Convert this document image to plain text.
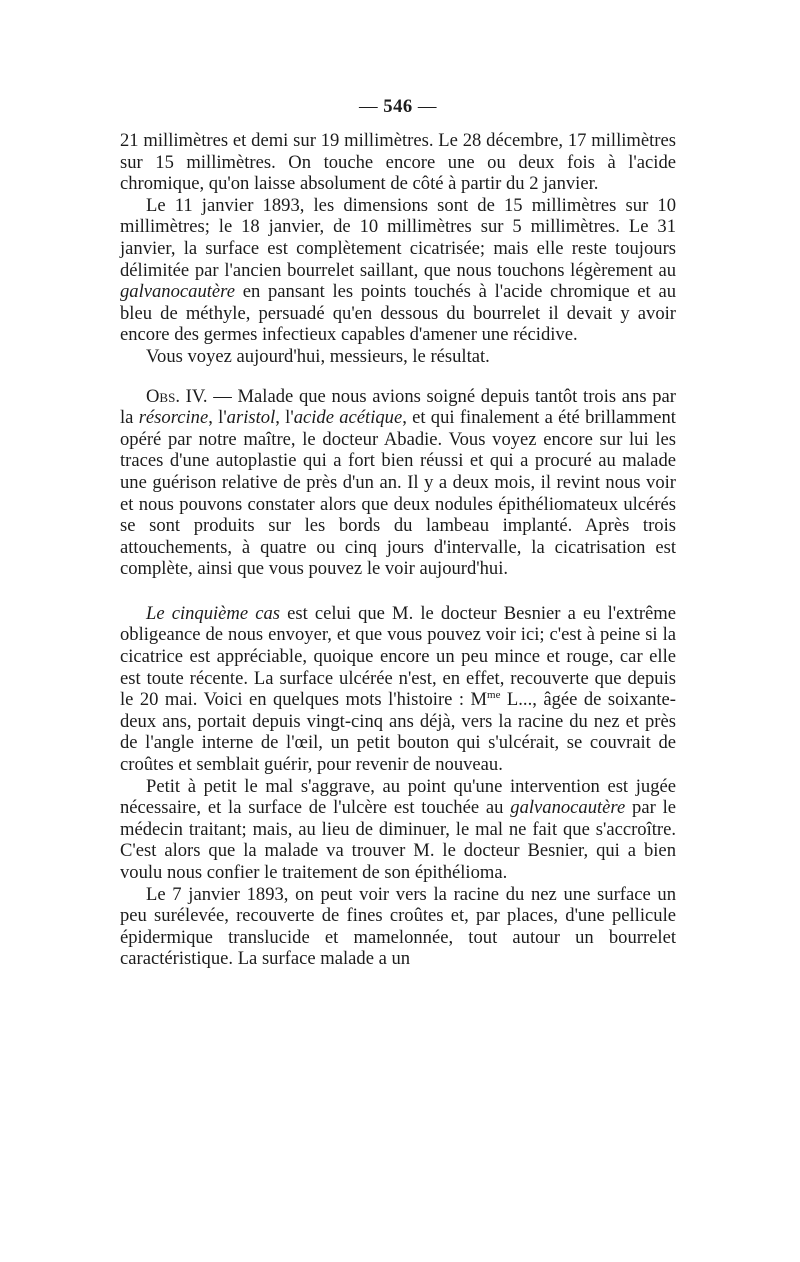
— 546 —

21 millimètres et demi sur 19 millimètres. Le 28 décembre, 17 millimètres sur 15 millimètres. On touche encore une ou deux fois à l'acide chromique, qu'on laisse absolument de côté à partir du 2 janvier.

Le 11 janvier 1893, les dimensions sont de 15 millimètres sur 10 millimètres; le 18 janvier, de 10 millimètres sur 5 millimètres. Le 31 janvier, la surface est complètement cicatrisée; mais elle reste toujours délimitée par l'ancien bourrelet saillant, que nous touchons légèrement au galvanocautère en pansant les points touchés à l'acide chromique et au bleu de méthyle, persuadé qu'en dessous du bourrelet il devait y avoir encore des germes infectieux capables d'amener une récidive.

Vous voyez aujourd'hui, messieurs, le résultat.

Obs. IV. — Malade que nous avions soigné depuis tantôt trois ans par la résorcine, l'aristol, l'acide acétique, et qui finalement a été brillamment opéré par notre maître, le docteur Abadie. Vous voyez encore sur lui les traces d'une autoplastie qui a fort bien réussi et qui a procuré au malade une guérison relative de près d'un an. Il y a deux mois, il revint nous voir et nous pouvons constater alors que deux nodules épithéliomateux ulcérés se sont produits sur les bords du lambeau implanté. Après trois attouchements, à quatre ou cinq jours d'intervalle, la cicatrisation est complète, ainsi que vous pouvez le voir aujourd'hui.

Le cinquième cas est celui que M. le docteur Besnier a eu l'extrême obligeance de nous envoyer, et que vous pouvez voir ici; c'est à peine si la cicatrice est appréciable, quoique encore un peu mince et rouge, car elle est toute récente. La surface ulcérée n'est, en effet, recouverte que depuis le 20 mai. Voici en quelques mots l'histoire : $M^{me}$ L..., âgée de soixante-deux ans, portait depuis vingt-cinq ans déjà, vers la racine du nez et près de l'angle interne de l'œil, un petit bouton qui s'ulcérait, se couvrait de croûtes et semblait guérir, pour revenir de nouveau.

Petit à petit le mal s'aggrave, au point qu'une intervention est jugée nécessaire, et la surface de l'ulcère est touchée au galvanocautère par le médecin traitant; mais, au lieu de diminuer, le mal ne fait que s'accroître. C'est alors que la malade va trouver M. le docteur Besnier, qui a bien voulu nous confier le traitement de son épithélioma.

Le 7 janvier 1893, on peut voir vers la racine du nez une surface un peu surélevée, recouverte de fines croûtes et, par places, d'une pellicule épidermique translucide et mamelonnée, tout autour un bourrelet caractéristique. La surface malade a un
